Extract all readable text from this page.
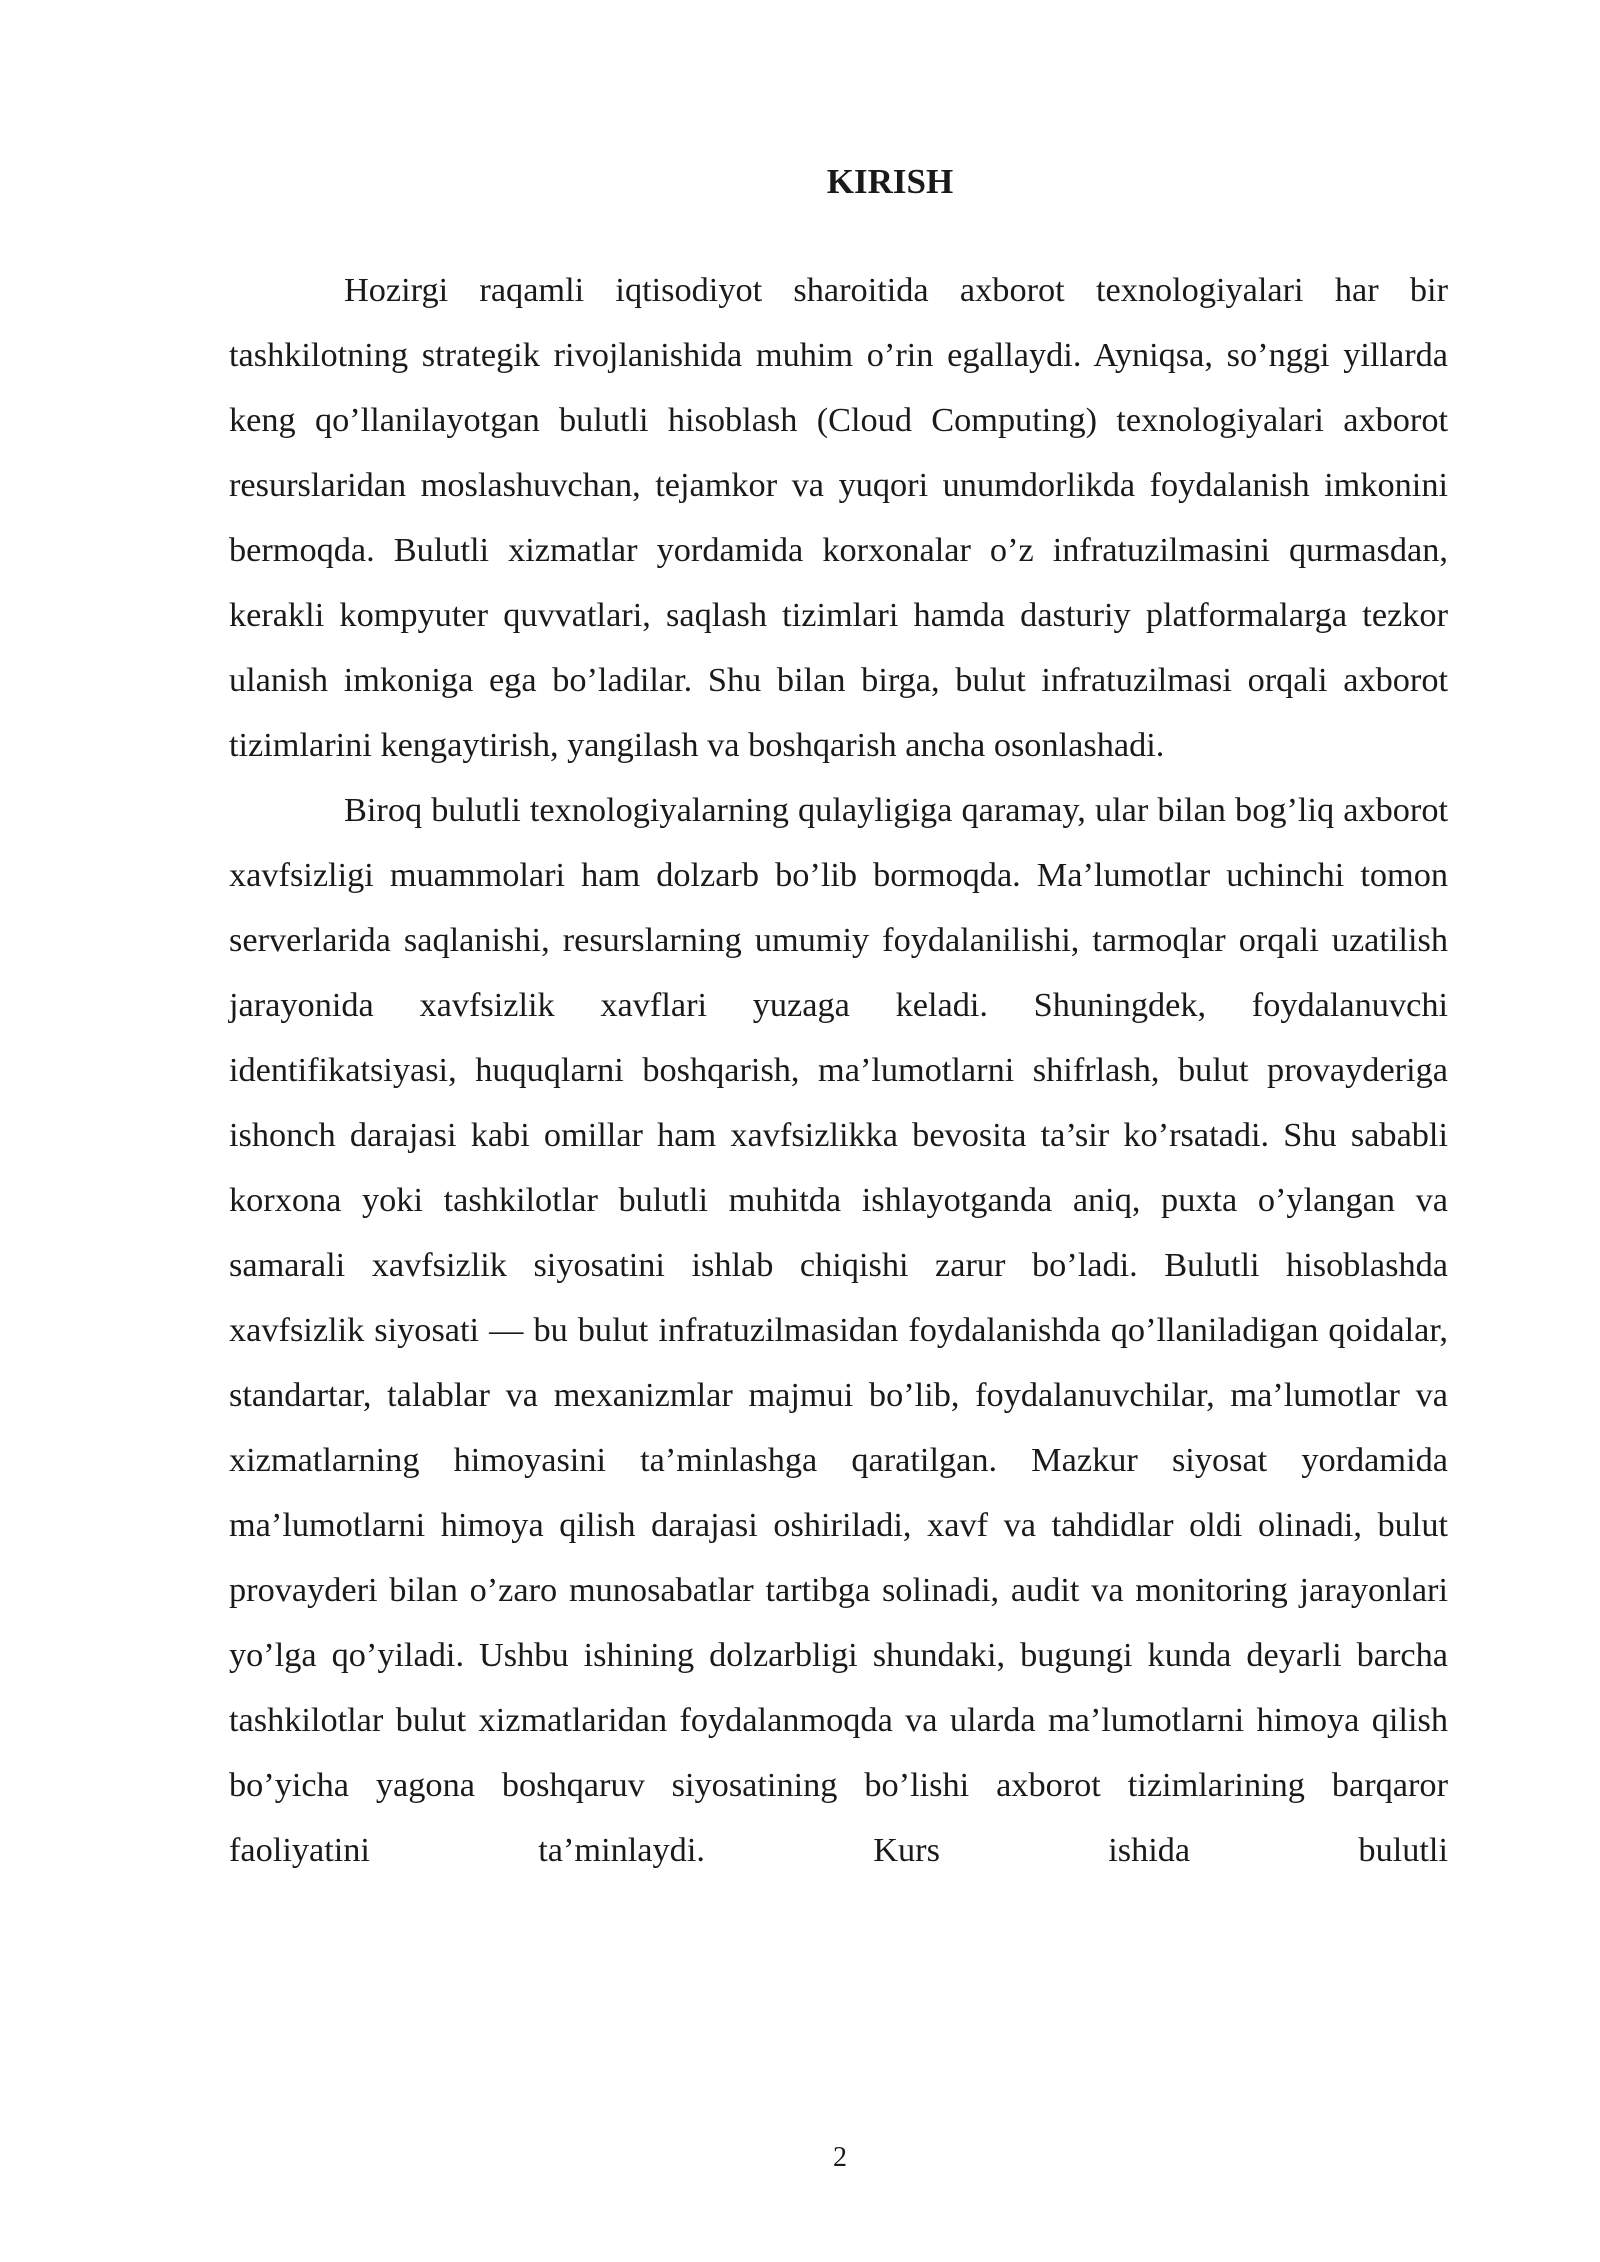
KIRISH

Hozirgi raqamli iqtisodiyot sharoitida axborot texnologiyalari har bir tashkilotning strategik rivojlanishida muhim o’rin egallaydi. Ayniqsa, so’nggi yillarda keng qo’llanilayotgan bulutli hisoblash (Cloud Computing) texnologiyalari axborot resurslaridan moslashuvchan, tejamkor va yuqori unumdorlikda foydalanish imkonini bermoqda. Bulutli xizmatlar yordamida korxonalar o’z infratuzilmasini qurmasdan, kerakli kompyuter quvvatlari, saqlash tizimlari hamda dasturiy platformalarga tezkor ulanish imkoniga ega bo’ladilar. Shu bilan birga, bulut infratuzilmasi orqali axborot tizimlarini kengaytirish, yangilash va boshqarish ancha osonlashadi.

Biroq bulutli texnologiyalarning qulayligiga qaramay, ular bilan bog’liq axborot xavfsizligi muammolari ham dolzarb bo’lib bormoqda. Ma’lumotlar uchinchi tomon serverlarida saqlanishi, resurslarning umumiy foydalanilishi, tarmoqlar orqali uzatilish jarayonida xavfsizlik xavflari yuzaga keladi. Shuningdek, foydalanuvchi identifikatsiyasi, huquqlarni boshqarish, ma’lumotlarni shifrlash, bulut provayderiga ishonch darajasi kabi omillar ham xavfsizlikka bevosita ta’sir ko’rsatadi. Shu sababli korxona yoki tashkilotlar bulutli muhitda ishlayotganda aniq, puxta o’ylangan va samarali xavfsizlik siyosatini ishlab chiqishi zarur bo’ladi. Bulutli hisoblashda xavfsizlik siyosati — bu bulut infratuzilmasidan foydalanishda qo’llaniladigan qoidalar, standartar, talablar va mexanizmlar majmui bo’lib, foydalanuvchilar, ma’lumotlar va xizmatlarning himoyasini ta’minlashga qaratilgan. Mazkur siyosat yordamida ma’lumotlarni himoya qilish darajasi oshiriladi, xavf va tahdidlar oldi olinadi, bulut provayderi bilan o’zaro munosabatlar tartibga solinadi, audit va monitoring jarayonlari yo’lga qo’yiladi. Ushbu ishining dolzarbligi shundaki, bugungi kunda deyarli barcha tashkilotlar bulut xizmatlaridan foydalanmoqda va ularda ma’lumotlarni himoya qilish bo’yicha yagona boshqaruv siyosatining bo’lishi axborot tizimlarining barqaror faoliyatini ta’minlaydi. Kurs ishida bulutli

2
